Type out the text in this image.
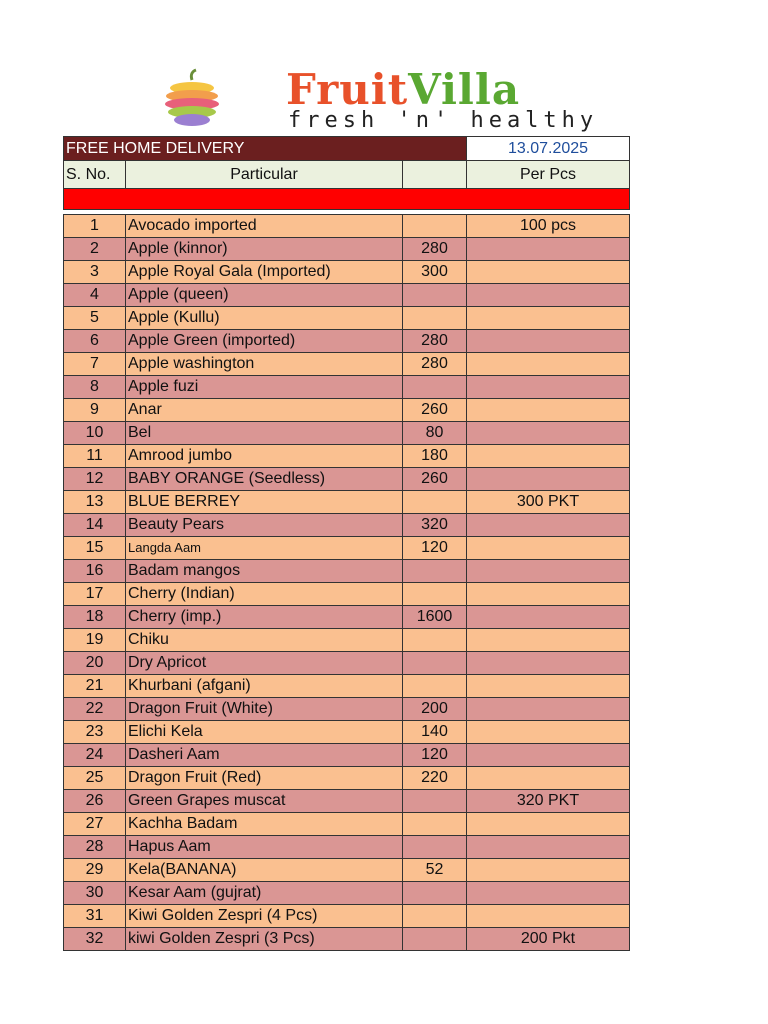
FruitVilla
fresh 'n' healthy
FREE HOME DELIVERY			13.07.2025
S. No.	Particular		Per Pcs

1	Avocado imported		100 pcs
2	Apple (kinnor)	280	
3	Apple Royal Gala (Imported)	300	
4	Apple (queen)		
5	Apple (Kullu)		
6	Apple Green (imported)	280	
7	Apple washington	280	
8	Apple fuzi		
9	Anar	260	
10	Bel	80	
11	Amrood jumbo	180	
12	BABY ORANGE (Seedless)	260	
13	BLUE BERREY		300 PKT
14	Beauty Pears	320	
15	Langda Aam	120	
16	Badam mangos		
17	Cherry (Indian)		
18	Cherry (imp.)	1600	
19	Chiku		
20	Dry Apricot		
21	Khurbani (afgani)		
22	Dragon Fruit (White)	200	
23	Elichi Kela	140	
24	Dasheri Aam	120	
25	Dragon Fruit (Red)	220	
26	Green Grapes muscat		320 PKT
27	Kachha Badam		
28	Hapus Aam		
29	Kela(BANANA)	52	
30	Kesar Aam (gujrat)		
31	Kiwi Golden Zespri (4 Pcs)		
32	kiwi Golden Zespri (3 Pcs)		200 Pkt
